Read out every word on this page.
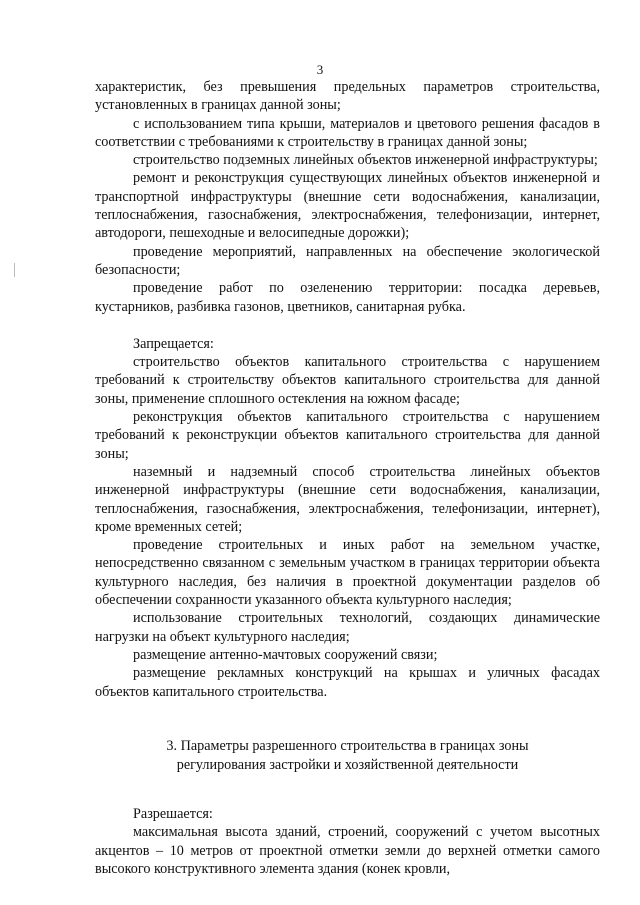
3

характеристик, без превышения предельных параметров строительства, установленных в границах данной зоны;

с использованием типа крыши, материалов и цветового решения фасадов в соответствии с требованиями к строительству в границах данной зоны;

строительство подземных линейных объектов инженерной инфраструктуры;

ремонт и реконструкция существующих линейных объектов инженерной и транспортной инфраструктуры (внешние сети водоснабжения, канализации, теплоснабжения, газоснабжения, электроснабжения, телефонизации, интернет, автодороги, пешеходные и велосипедные дорожки);

проведение мероприятий, направленных на обеспечение экологической безопасности;

проведение работ по озеленению территории: посадка деревьев, кустарников, разбивка газонов, цветников, санитарная рубка.

Запрещается:

строительство объектов капитального строительства с нарушением требований к строительству объектов капитального строительства для данной зоны, применение сплошного остекления на южном фасаде;

реконструкция объектов капитального строительства с нарушением требований к реконструкции объектов капитального строительства для данной зоны;

наземный и надземный способ строительства линейных объектов инженерной инфраструктуры (внешние сети водоснабжения, канализации, теплоснабжения, газоснабжения, электроснабжения, телефонизации, интернет), кроме временных сетей;

проведение строительных и иных работ на земельном участке, непосредственно связанном с земельным участком в границах территории объекта культурного наследия, без наличия в проектной документации разделов об обеспечении сохранности указанного объекта культурного наследия;

использование строительных технологий, создающих динамические нагрузки на объект культурного наследия;

размещение антенно-мачтовых сооружений связи;

размещение рекламных конструкций на крышах и уличных фасадах объектов капитального строительства.

3. Параметры разрешенного строительства в границах зоны
регулирования застройки и хозяйственной деятельности

Разрешается:

максимальная высота зданий, строений, сооружений с учетом высотных акцентов – 10 метров от проектной отметки земли до верхней отметки самого высокого конструктивного элемента здания (конек кровли,
